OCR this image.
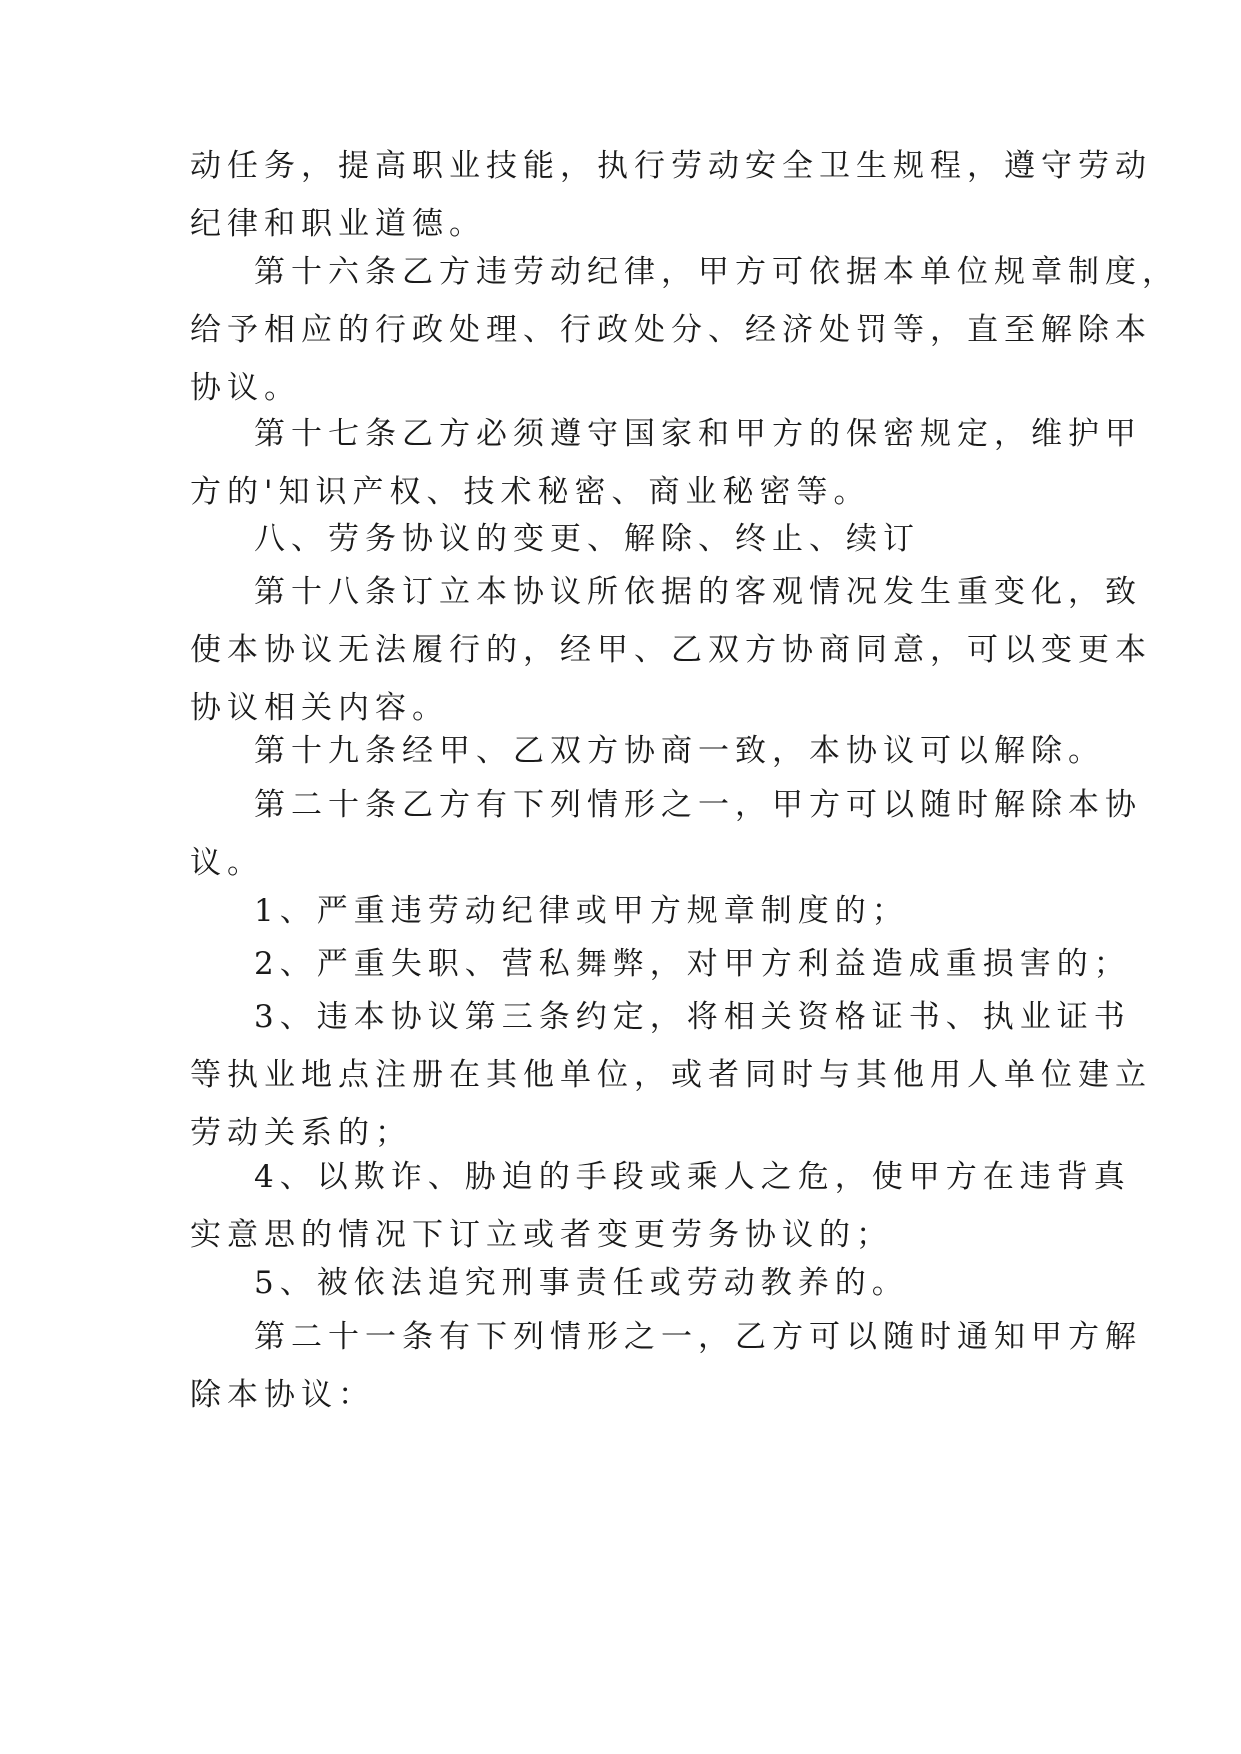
动任务，提高职业技能，执行劳动安全卫生规程，遵守劳动
纪律和职业道德。

第十六条乙方违劳动纪律，甲方可依据本单位规章制度，
给予相应的行政处理、行政处分、经济处罚等，直至解除本
协议。

第十七条乙方必须遵守国家和甲方的保密规定，维护甲
方的'知识产权、技术秘密、商业秘密等。

八、劳务协议的变更、解除、终止、续订

第十八条订立本协议所依据的客观情况发生重变化，致
使本协议无法履行的，经甲、乙双方协商同意，可以变更本
协议相关内容。

第十九条经甲、乙双方协商一致，本协议可以解除。

第二十条乙方有下列情形之一，甲方可以随时解除本协
议。

1、严重违劳动纪律或甲方规章制度的；

2、严重失职、营私舞弊，对甲方利益造成重损害的；

3、违本协议第三条约定，将相关资格证书、执业证书
等执业地点注册在其他单位，或者同时与其他用人单位建立
劳动关系的；

4、以欺诈、胁迫的手段或乘人之危，使甲方在违背真
实意思的情况下订立或者变更劳务协议的；

5、被依法追究刑事责任或劳动教养的。

第二十一条有下列情形之一，乙方可以随时通知甲方解
除本协议：
